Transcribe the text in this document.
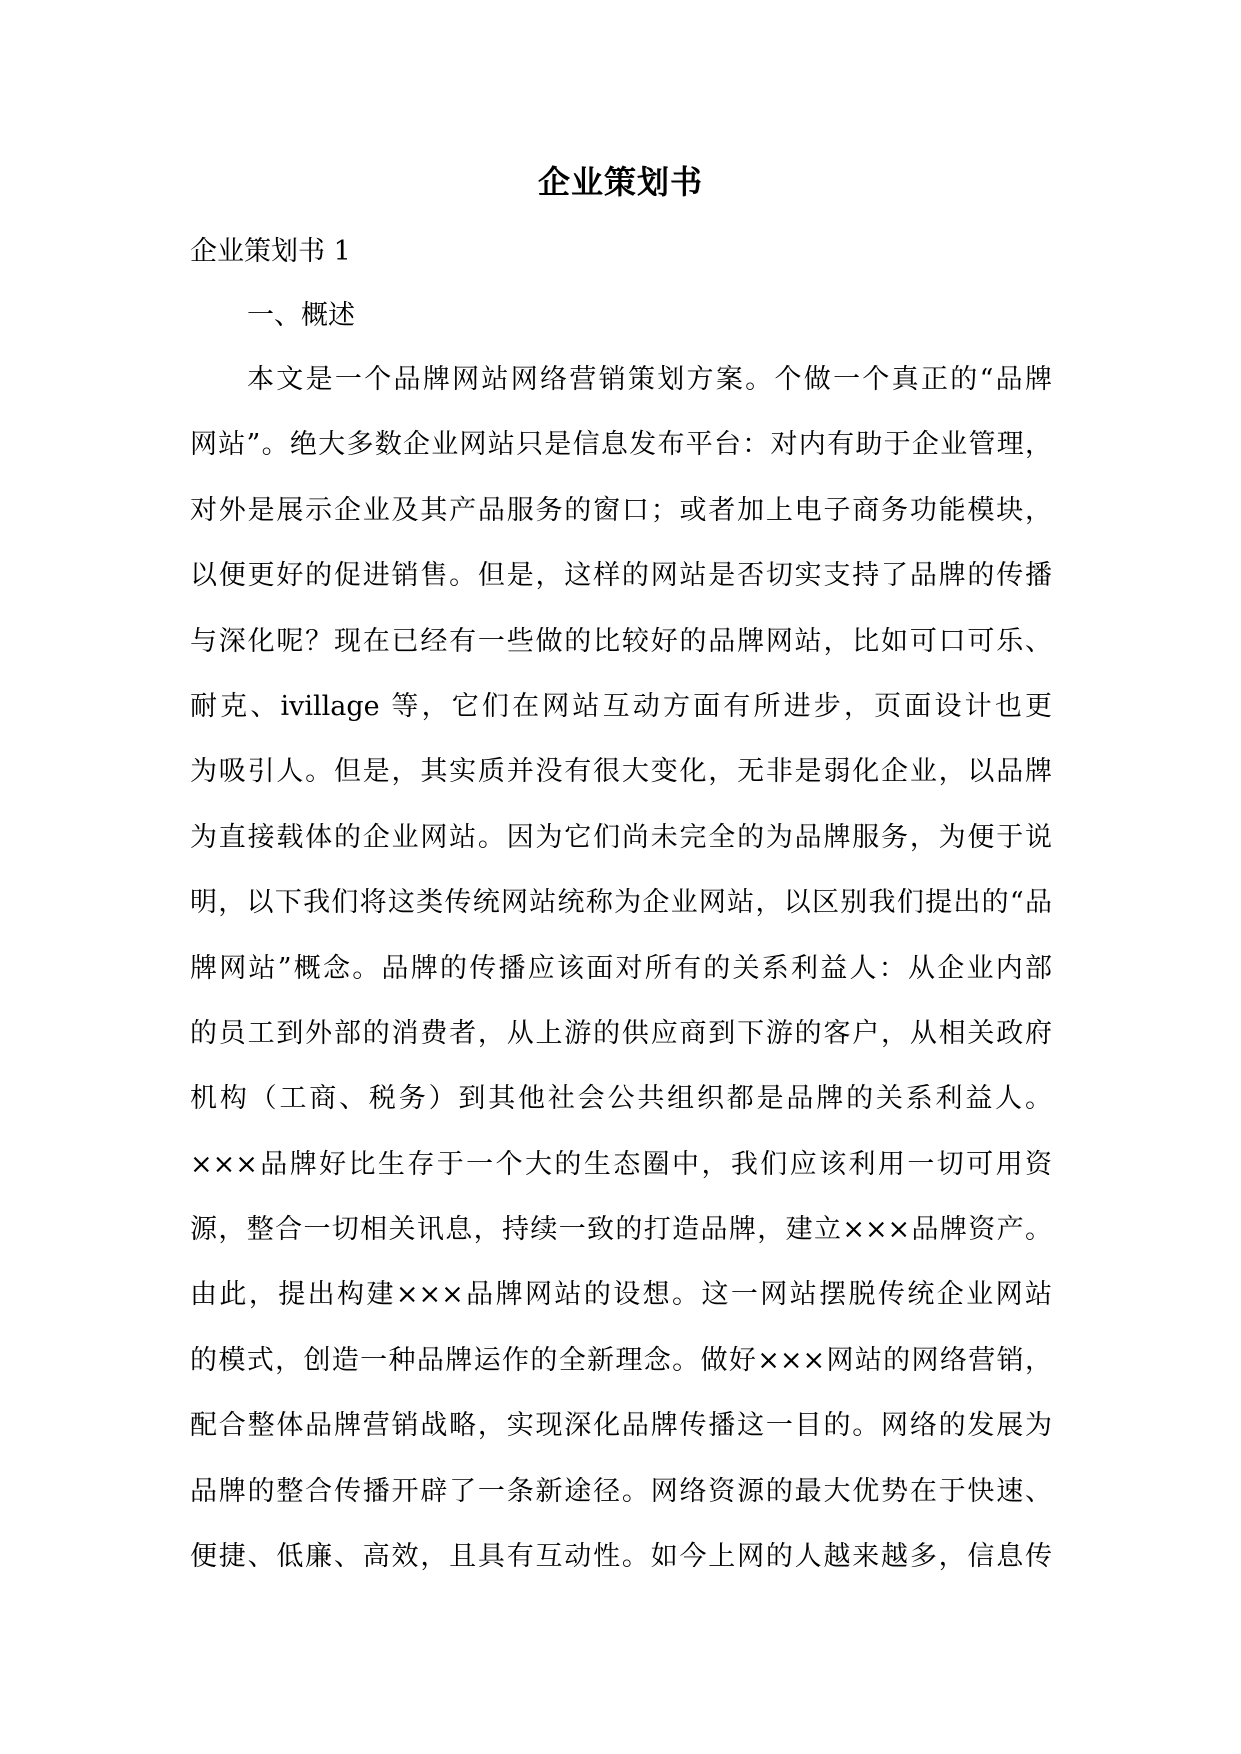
企业策划书
企业策划书 1
一、概述
本文是一个品牌网站网络营销策划方案。个做一个真正的“品牌
网站”。绝大多数企业网站只是信息发布平台：对内有助于企业管理，
对外是展示企业及其产品服务的窗口；或者加上电子商务功能模块，
以便更好的促进销售。但是，这样的网站是否切实支持了品牌的传播
与深化呢？现在已经有一些做的比较好的品牌网站，比如可口可乐、
耐克、ivillage 等，它们在网站互动方面有所进步，页面设计也更
为吸引人。但是，其实质并没有很大变化，无非是弱化企业，以品牌
为直接载体的企业网站。因为它们尚未完全的为品牌服务，为便于说
明，以下我们将这类传统网站统称为企业网站，以区别我们提出的“品
牌网站”概念。品牌的传播应该面对所有的关系利益人：从企业内部
的员工到外部的消费者，从上游的供应商到下游的客户，从相关政府
机构（工商、税务）到其他社会公共组织都是品牌的关系利益人。
×××品牌好比生存于一个大的生态圈中，我们应该利用一切可用资
源，整合一切相关讯息，持续一致的打造品牌，建立×××品牌资产。
由此，提出构建×××品牌网站的设想。这一网站摆脱传统企业网站
的模式，创造一种品牌运作的全新理念。做好×××网站的网络营销，
配合整体品牌营销战略，实现深化品牌传播这一目的。网络的发展为
品牌的整合传播开辟了一条新途径。网络资源的最大优势在于快速、
便捷、低廉、高效，且具有互动性。如今上网的人越来越多，信息传
